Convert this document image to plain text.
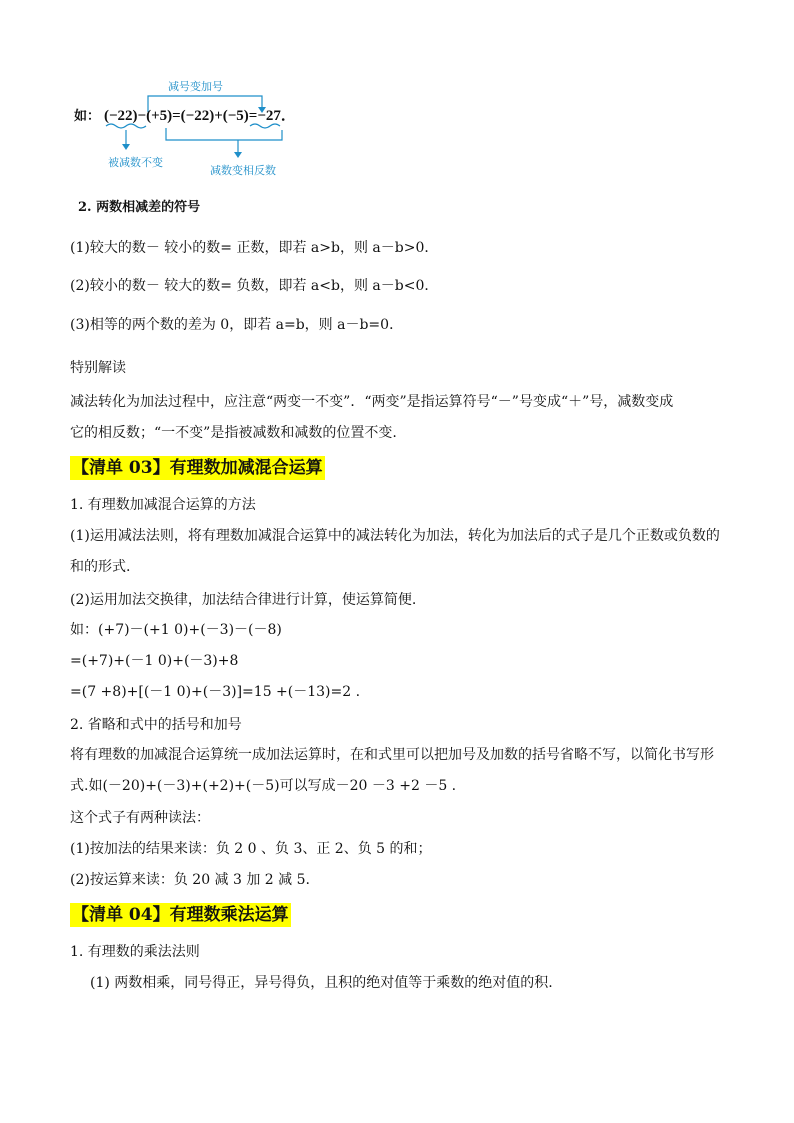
减号变加号
如： (−22)−(+5)=(−22)+(−5)=−27．
被减数不变
减数变相反数
2. 两数相减差的符号
(1)较大的数－ 较小的数= 正数，即若 a>b，则 a－b>0．
(2)较小的数－ 较大的数= 负数，即若 a<b，则 a－b<0．
(3)相等的两个数的差为 0，即若 a=b，则 a－b=0．
特别解读
减法转化为加法过程中，应注意“两变一不变”．“两变”是指运算符号“－”号变成“＋”号，减数变成
它的相反数；“一不变”是指被减数和减数的位置不变.
【清单 03】有理数加减混合运算
1. 有理数加减混合运算的方法
(1)运用减法法则，将有理数加减混合运算中的减法转化为加法，转化为加法后的式子是几个正数或负数的
和的形式.
(2)运用加法交换律，加法结合律进行计算，使运算简便.
如：(+7)－(+1 0)+(－3)－(－8)
=(+7)+(－1 0)+(－3)+8
=(7 +8)+[(－1 0)+(－3)]=15 +(－13)=2 .
2. 省略和式中的括号和加号
将有理数的加减混合运算统一成加法运算时，在和式里可以把加号及加数的括号省略不写，以简化书写形
式.如(－20)+(－3)+(+2)+(－5)可以写成－20 －3 +2 －5 .
这个式子有两种读法：
(1)按加法的结果来读：负 2 0 、负 3、正 2、负 5 的和；
(2)按运算来读：负 20 减 3 加 2 减 5.
【清单 04】有理数乘法运算
1. 有理数的乘法法则
(1) 两数相乘，同号得正，异号得负，且积的绝对值等于乘数的绝对值的积.
